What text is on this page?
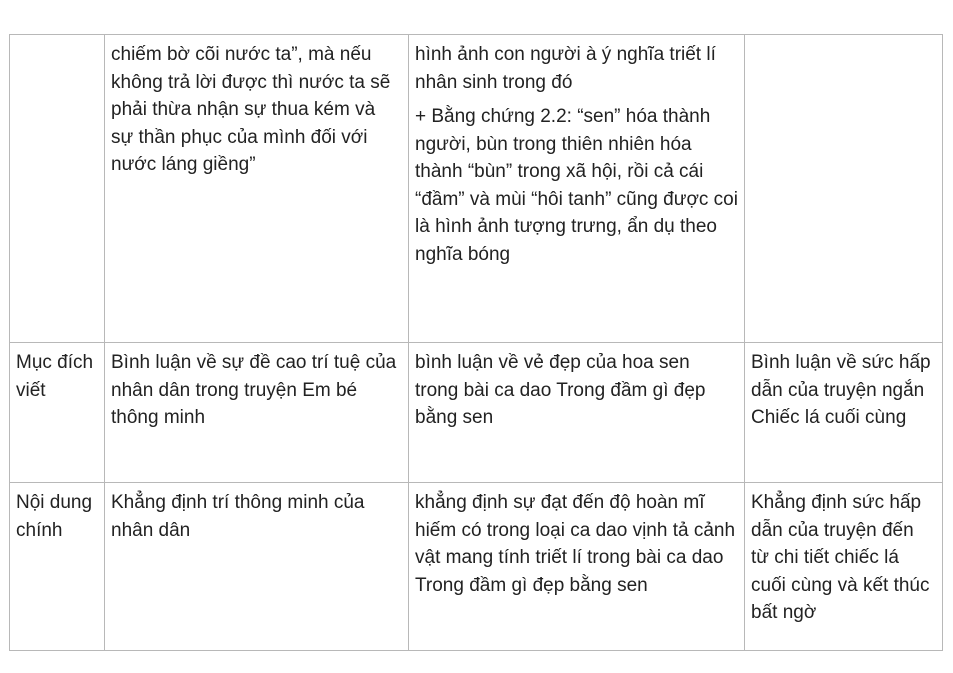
	chiếm bờ cõi nước ta”, mà nếu không trả lời được thì nước ta sẽ phải thừa nhận sự thua kém và sự thần phục của mình đối với nước láng giềng”	hình ảnh con người à ý nghĩa triết lí nhân sinh trong đó

+ Bằng chứng 2.2: “sen” hóa thành người, bùn trong thiên nhiên hóa thành “bùn” trong xã hội, rồi cả cái “đầm” và mùi “hôi tanh” cũng được coi là hình ảnh tượng trưng, ẩn dụ theo nghĩa bóng	

Mục đích viết	Bình luận về sự đề cao trí tuệ của nhân dân trong truyện Em bé thông minh	bình luận về vẻ đẹp của hoa sen trong bài ca dao Trong đầm gì đẹp bằng sen	Bình luận về sức hấp dẫn của truyện ngắn Chiếc lá cuối cùng
Nội dung chính	Khẳng định trí thông minh của nhân dân	khẳng định sự đạt đến độ hoàn mĩ hiếm có trong loại ca dao vịnh tả cảnh vật mang tính triết lí trong bài ca dao Trong đầm gì đẹp bằng sen	Khẳng định sức hấp dẫn của truyện đến từ chi tiết chiếc lá cuối cùng và kết thúc bất ngờ
